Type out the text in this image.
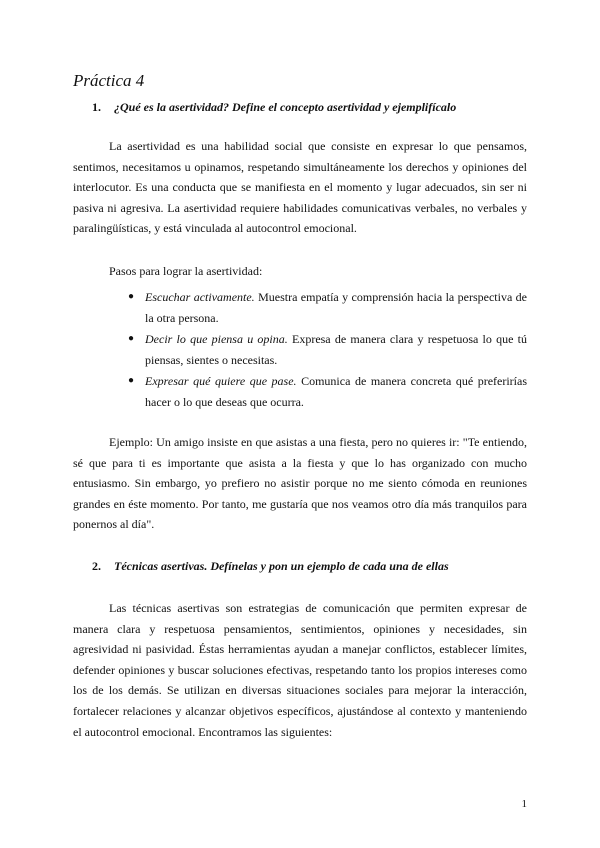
Práctica 4
1. ¿Qué es la asertividad? Define el concepto asertividad y ejemplifícalo

La asertividad es una habilidad social que consiste en expresar lo que pensamos, sentimos, necesitamos u opinamos, respetando simultáneamente los derechos y opiniones del interlocutor. Es una conducta que se manifiesta en el momento y lugar adecuados, sin ser ni pasiva ni agresiva. La asertividad requiere habilidades comunicativas verbales, no verbales y paralingüísticas, y está vinculada al autocontrol emocional.

Pasos para lograr la asertividad:

● Escuchar activamente. Muestra empatía y comprensión hacia la perspectiva de la otra persona.
● Decir lo que piensa u opina. Expresa de manera clara y respetuosa lo que tú piensas, sientes o necesitas.
● Expresar qué quiere que pase. Comunica de manera concreta qué preferirías hacer o lo que deseas que ocurra.

Ejemplo: Un amigo insiste en que asistas a una fiesta, pero no quieres ir: "Te entiendo, sé que para ti es importante que asista a la fiesta y que lo has organizado con mucho entusiasmo. Sin embargo, yo prefiero no asistir porque no me siento cómoda en reuniones grandes en éste momento. Por tanto, me gustaría que nos veamos otro día más tranquilos para ponernos al día".

2. Técnicas asertivas. Defínelas y pon un ejemplo de cada una de ellas

Las técnicas asertivas son estrategias de comunicación que permiten expresar de manera clara y respetuosa pensamientos, sentimientos, opiniones y necesidades, sin agresividad ni pasividad. Éstas herramientas ayudan a manejar conflictos, establecer límites, defender opiniones y buscar soluciones efectivas, respetando tanto los propios intereses como los de los demás. Se utilizan en diversas situaciones sociales para mejorar la interacción, fortalecer relaciones y alcanzar objetivos específicos, ajustándose al contexto y manteniendo el autocontrol emocional. Encontramos las siguientes:

1
